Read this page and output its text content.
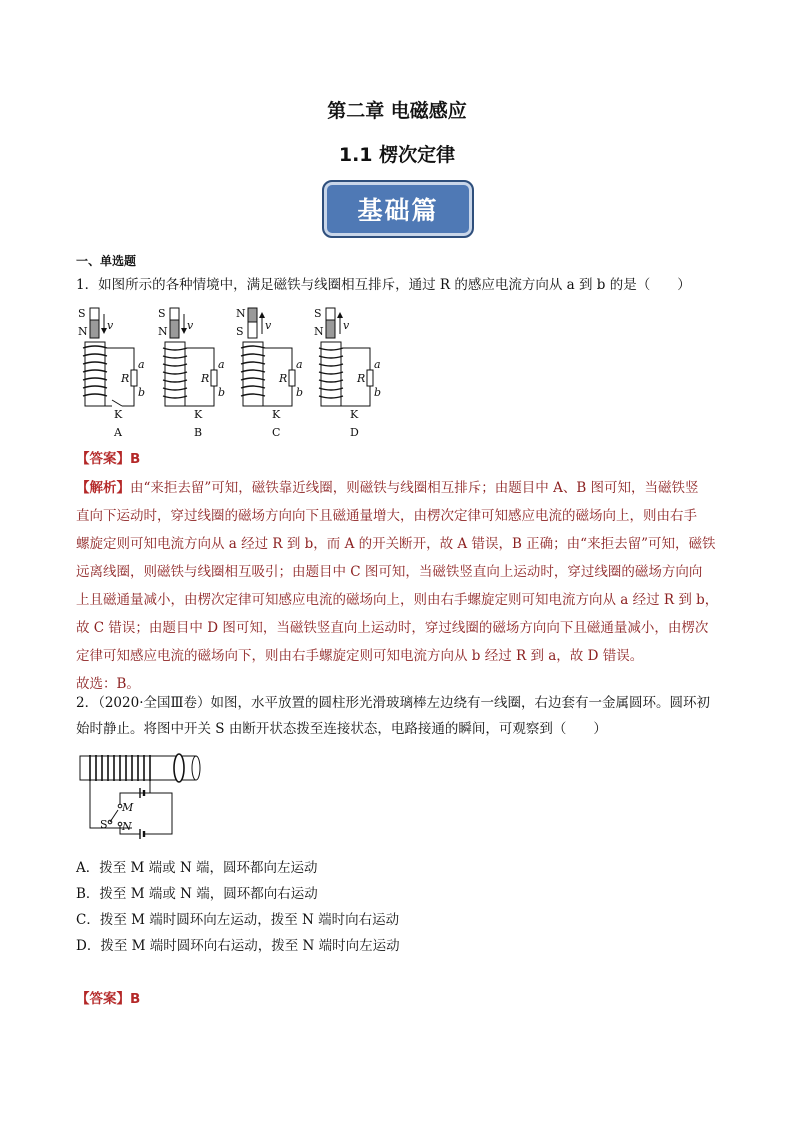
第二章 电磁感应
1.1 楞次定律
基础篇
一、单选题
1．如图所示的各种情境中，满足磁铁与线圈相互排斥，通过 R 的感应电流方向从 a 到 b 的是（　　）
S
N v
R
a
b
K
A
S
N v
R
a
b
K
B
N
S v
R
a
b
K
C
S
N v
R
a
b
K
D
【答案】B

【解析】由“来拒去留”可知，磁铁靠近线圈，则磁铁与线圈相互排斥；由题目中 A、B 图可知，当磁铁竖

直向下运动时，穿过线圈的磁场方向向下且磁通量增大，由楞次定律可知感应电流的磁场向上，则由右手

螺旋定则可知电流方向从 a 经过 R 到 b，而 A 的开关断开，故 A 错误，B 正确；由“来拒去留”可知，磁铁

远离线圈，则磁铁与线圈相互吸引；由题目中 C 图可知，当磁铁竖直向上运动时，穿过线圈的磁场方向向

上且磁通量减小，由楞次定律可知感应电流的磁场向上，则由右手螺旋定则可知电流方向从 a 经过 R 到 b，

故 C 错误；由题目中 D 图可知，当磁铁竖直向上运动时，穿过线圈的磁场方向向下且磁通量减小，由楞次

定律可知感应电流的磁场向下，则由右手螺旋定则可知电流方向从 b 经过 R 到 a，故 D 错误。

故选：B。

2．（2020·全国Ⅲ卷）如图，水平放置的圆柱形光滑玻璃棒左边绕有一线圈，右边套有一金属圆环。圆环初
始时静止。将图中开关 S 由断开状态拨至连接状态，电路接通的瞬间，可观察到（　　）
M
S N
A．拨至 M 端或 N 端，圆环都向左运动
B．拨至 M 端或 N 端，圆环都向右运动
C．拨至 M 端时圆环向左运动，拨至 N 端时向右运动
D．拨至 M 端时圆环向右运动，拨至 N 端时向左运动
【答案】B
